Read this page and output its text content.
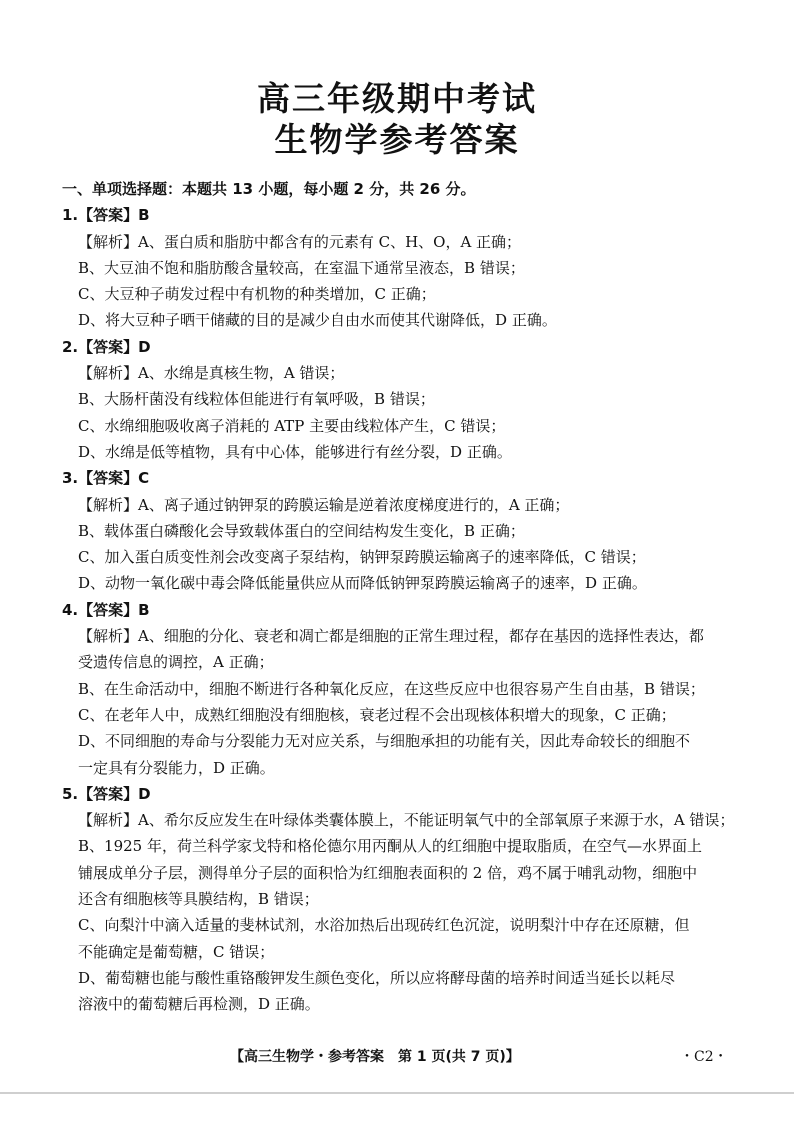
高三年级期中考试
生物学参考答案
一、单项选择题：本题共 13 小题，每小题 2 分，共 26 分。
1.【答案】B
【解析】A、蛋白质和脂肪中都含有的元素有 C、H、O，A 正确；
B、大豆油不饱和脂肪酸含量较高，在室温下通常呈液态，B 错误；
C、大豆种子萌发过程中有机物的种类增加，C 正确；
D、将大豆种子晒干储藏的目的是减少自由水而使其代谢降低，D 正确。
2.【答案】D
【解析】A、水绵是真核生物，A 错误；
B、大肠杆菌没有线粒体但能进行有氧呼吸，B 错误；
C、水绵细胞吸收离子消耗的 ATP 主要由线粒体产生，C 错误；
D、水绵是低等植物，具有中心体，能够进行有丝分裂，D 正确。
3.【答案】C
【解析】A、离子通过钠钾泵的跨膜运输是逆着浓度梯度进行的，A 正确；
B、载体蛋白磷酸化会导致载体蛋白的空间结构发生变化，B 正确；
C、加入蛋白质变性剂会改变离子泵结构，钠钾泵跨膜运输离子的速率降低，C 错误；
D、动物一氧化碳中毒会降低能量供应从而降低钠钾泵跨膜运输离子的速率，D 正确。
4.【答案】B
【解析】A、细胞的分化、衰老和凋亡都是细胞的正常生理过程，都存在基因的选择性表达，都
受遗传信息的调控，A 正确；
B、在生命活动中，细胞不断进行各种氧化反应，在这些反应中也很容易产生自由基，B 错误；
C、在老年人中，成熟红细胞没有细胞核，衰老过程不会出现核体积增大的现象，C 正确；
D、不同细胞的寿命与分裂能力无对应关系，与细胞承担的功能有关，因此寿命较长的细胞不
一定具有分裂能力，D 正确。
5.【答案】D
【解析】A、希尔反应发生在叶绿体类囊体膜上，不能证明氧气中的全部氧原子来源于水，A 错误；
B、1925 年，荷兰科学家戈特和格伦德尔用丙酮从人的红细胞中提取脂质，在空气—水界面上
铺展成单分子层，测得单分子层的面积恰为红细胞表面积的 2 倍，鸡不属于哺乳动物，细胞中
还含有细胞核等具膜结构，B 错误；
C、向梨汁中滴入适量的斐林试剂，水浴加热后出现砖红色沉淀，说明梨汁中存在还原糖，但
不能确定是葡萄糖，C 错误；
D、葡萄糖也能与酸性重铬酸钾发生颜色变化，所以应将酵母菌的培养时间适当延长以耗尽
溶液中的葡萄糖后再检测，D 正确。
【高三生物学・参考答案　第 1 页(共 7 页)】	・C2・
